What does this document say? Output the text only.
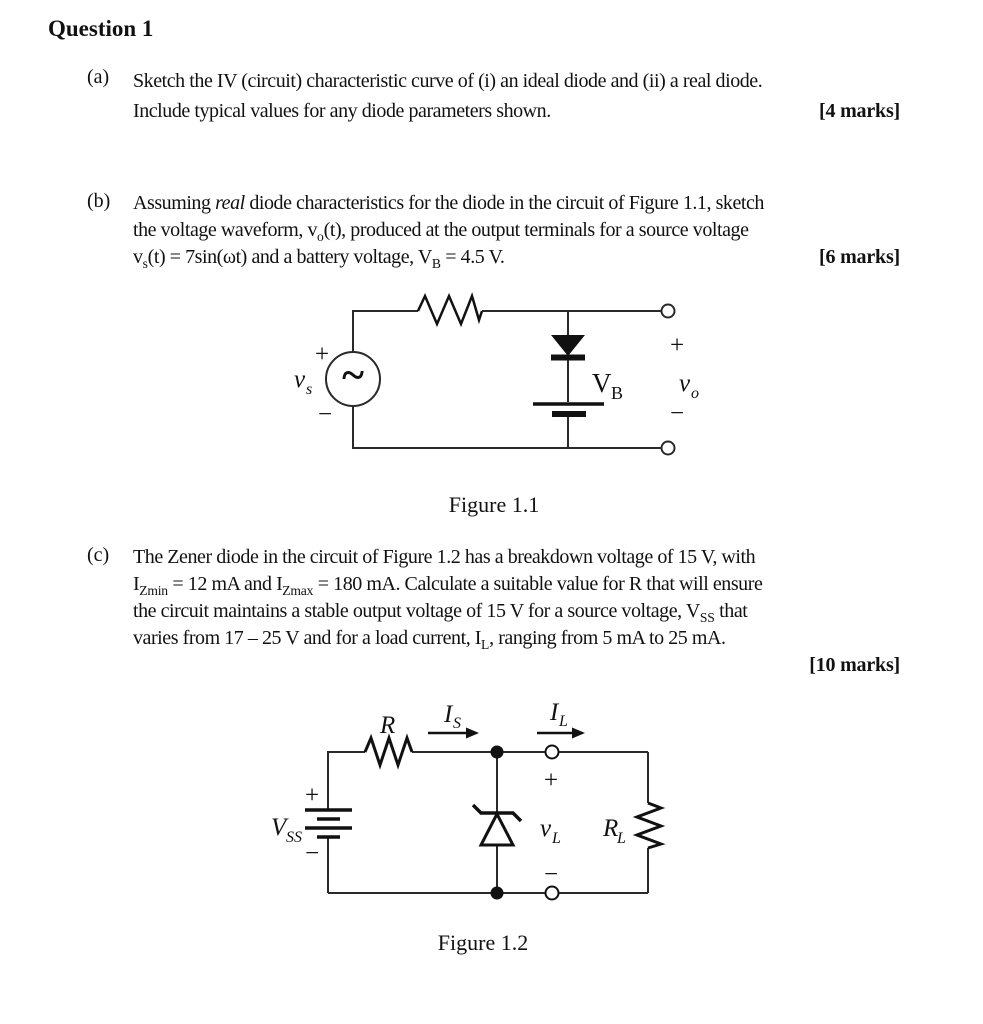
Question 1
(a) Sketch the IV (circuit) characteristic curve of (i) an ideal diode and (ii) a real diode.
Include typical values for any diode parameters shown.	[4 marks]
(b) Assuming real diode characteristics for the diode in the circuit of Figure 1.1, sketch
the voltage waveform, $v_o(t)$, produced at the output terminals for a source voltage
$v_s(t) = 7\sin(\omega t)$ and a battery voltage, $V_B = 4.5$ V.	[6 marks]
~
+
−
v s	V B
+
v o
−
Figure 1.1
(c) The Zener diode in the circuit of Figure 1.2 has a breakdown voltage of 15 V, with
$I_{Zmin} = 12$ mA and $I_{Zmax} = 180$ mA. Calculate a suitable value for R that will ensure
the circuit maintains a stable output voltage of 15 V for a source voltage, $V_{SS}$ that
varies from 17 – 25 V and for a load current, $I_L$, ranging from 5 mA to 25 mA.
[10 marks]
+
−
V SS
R I S	I L
+
v L
−
R
L
Figure 1.2
